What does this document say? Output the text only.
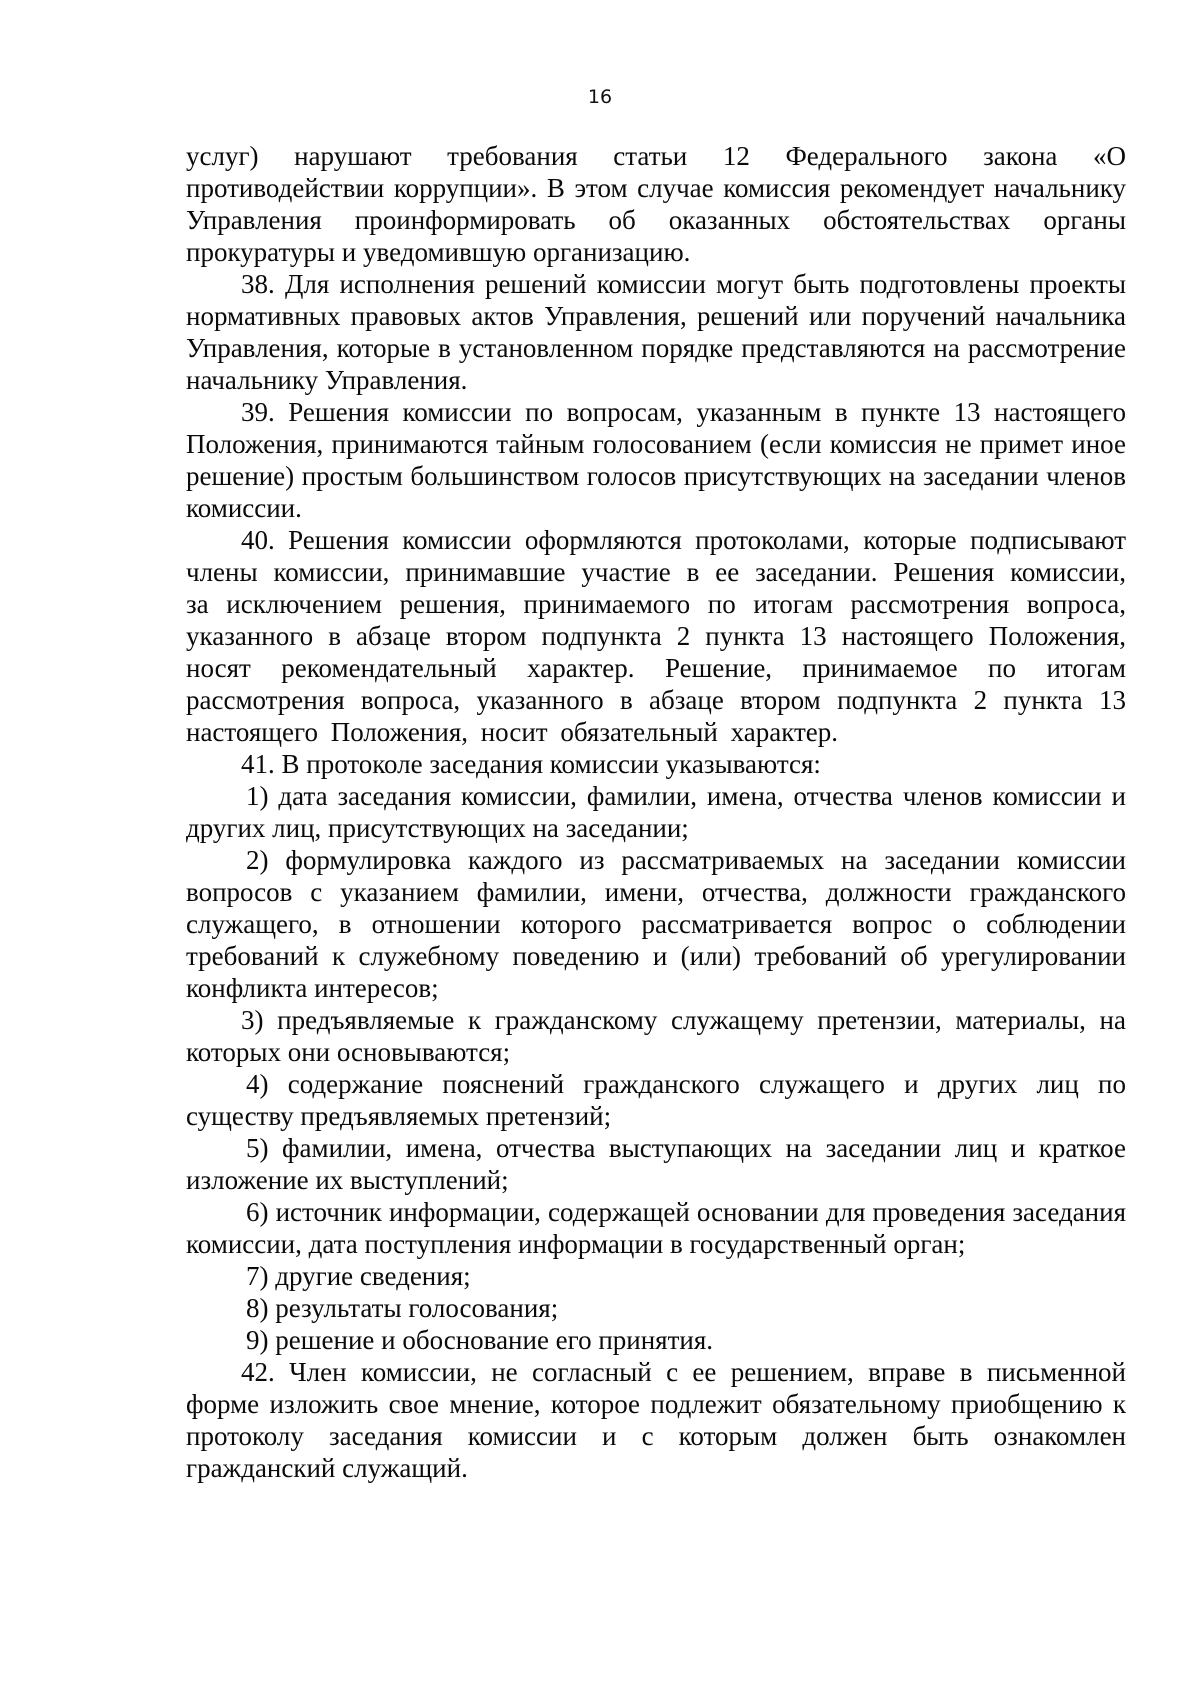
16

услуг) нарушают требования статьи 12 Федерального закона «О противодействии коррупции». В этом случае комиссия рекомендует начальнику Управления проинформировать об оказанных обстоятельствах органы прокуратуры и уведомившую организацию.

38. Для исполнения решений комиссии могут быть подготовлены проекты нормативных правовых актов Управления, решений или поручений начальника Управления, которые в установленном порядке представляются на рассмотрение начальнику Управления.

39. Решения комиссии по вопросам, указанным в пункте 13 настоящего Положения, принимаются тайным голосованием (если комиссия не примет иное решение) простым большинством голосов присутствующих на заседании членов комиссии.

40. Решения комиссии оформляются протоколами, которые подписывают члены комиссии, принимавшие участие в ее заседании. Решения комиссии, за исключением решения, принимаемого по итогам рассмотрения вопроса, указанного в абзаце втором подпункта 2 пункта 13 настоящего Положения, носят рекомендательный характер. Решение, принимаемое по итогам рассмотрения вопроса, указанного в абзаце втором подпункта 2 пункта 13 настоящего Положения, носит обязательный характер.

41. В протоколе заседания комиссии указываются:

1) дата заседания комиссии, фамилии, имена, отчества членов комиссии и других лиц, присутствующих на заседании;

2) формулировка каждого из рассматриваемых на заседании комиссии вопросов с указанием фамилии, имени, отчества, должности гражданского служащего, в отношении которого рассматривается вопрос о соблюдении требований к служебному поведению и (или) требований об урегулировании конфликта интересов;

3) предъявляемые к гражданскому служащему претензии, материалы, на которых они основываются;

4) содержание пояснений гражданского служащего и других лиц по существу предъявляемых претензий;

5) фамилии, имена, отчества выступающих на заседании лиц и краткое изложение их выступлений;

6) источник информации, содержащей основании для проведения заседания комиссии, дата поступления информации в государственный орган;

7) другие сведения;

8) результаты голосования;

9) решение и обоснование его принятия.

42. Член комиссии, не согласный с ее решением, вправе в письменной форме изложить свое мнение, которое подлежит обязательному приобщению к протоколу заседания комиссии и с которым должен быть ознакомлен гражданский служащий.
